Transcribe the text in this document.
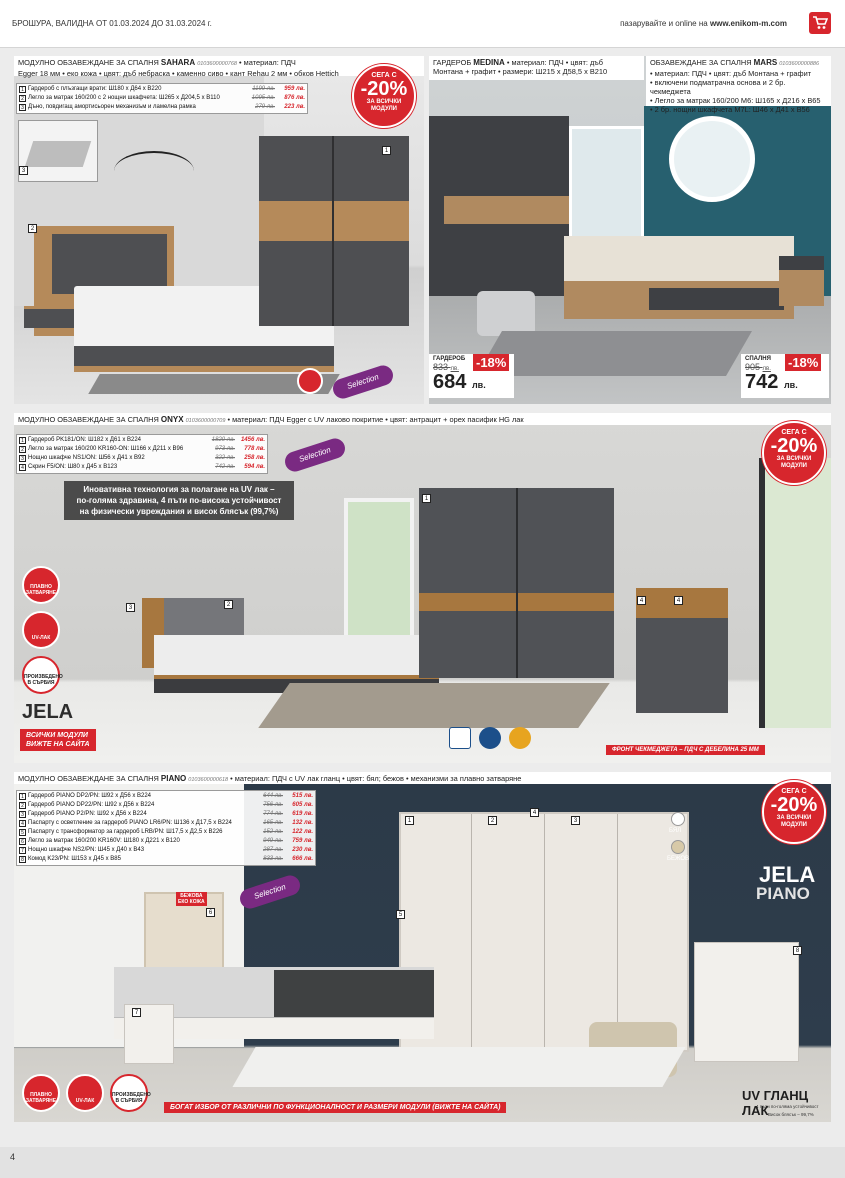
БРОШУРА, ВАЛИДНА ОТ 01.03.2024 ДО 31.03.2024 г.	пазарувайте и online на www.enikom-m.com
МОДУЛНО ОБЗАВЕЖДАНЕ ЗА СПАЛНЯ SAHARA 0103600000768 • материал: ПДЧ
Egger 18 мм • еко кожа • цвят: дъб небраска • каменно сиво • кант Rehau 2 мм • обков Hettich
1 Гардероб с плъзгащи врати: Ш180 х Д64 х В220	1199 лв.	959 лв.
2 Легло за матрак 160/200 с 2 нощни шкафчета: Ш265 х Д204,5 х В110	1095 лв.	876 лв.
3 Дъно, повдигащ амортисьорен механизъм и ламелна рамка	279 лв.	223 лв.
СЕГА С
-20%
ЗА ВСИЧКИ
МОДУЛИ
1
2
3
Selection
ГАРДЕРОБ MEDINA • материал: ПДЧ • цвят: дъб
Монтана + графит • размери: Ш215 х Д58,5 х В210
ОБЗАВЕЖДАНЕ ЗА СПАЛНЯ MARS 0103600000886
• материал: ПДЧ • цвят: дъб Монтана + графит
• включени подматрачна основа и 2 бр. чекмеджета
• Легло за матрак 160/200 M6: Ш165 х Д216 х В65
• 2 бр. нощни шкафчета M7L: Ш46 х Д41 х В56
ГАРДЕРОБ
833 лв.
684 лв.
-18%	СПАЛНЯ
905 лв.
742 лв.
-18%
МОДУЛНО ОБЗАВЕЖДАНЕ ЗА СПАЛНЯ ONYX 0103600000709 • материал: ПДЧ Egger с UV лаково покритие • цвят: антрацит + орех пасифик HG лак
1 Гардероб PK181/ON: Ш182 х Д61 х В224	1820 лв. 1456 лв.
2 Легло за матрак 160/200 KR160-ON: Ш166 х Д211 х В96	973 лв.	778 лв.
3 Нощно шкафче NS1/ON: Ш56 х Д41 х В92	322 лв.	258 лв.
4 Скрин F5/ON: Ш80 х Д45 х В123	742 лв.	594 лв.
Иновативна технология за полагане на UV лак –
по-голяма здравина, 4 пъти по-висока устойчивост
на физически увреждания и висок блясък (99,7%)
Selection
СЕГА С
-20%
ЗА ВСИЧКИ
МОДУЛИ
ПЛАВНО ЗАТВАРЯНЕ
UV-ЛАК
ПРОИЗВЕДЕНО В СЪРБИЯ
JELA
ВСИЧКИ МОДУЛИ
ВИЖТЕ НА САЙТА
ФРОНТ ЧЕКМЕДЖЕТА – ПДЧ С ДЕБЕЛИНА 25 ММ
1
2
3
4	4
МОДУЛНО ОБЗАВЕЖДАНЕ ЗА СПАЛНЯ PIANO 0103600000618 • материал: ПДЧ с UV лак гланц • цвят: бял; бежов • механизми за плавно затваряне
1 Гардероб PIANO DP2/PN: Ш92 х Д56 х В224	644 лв.	515 лв.
2 Гардероб PIANO DP22/PN: Ш92 х Д56 х В224	756 лв.	605 лв.
3 Гардероб PIANO P2/PN: Ш92 х Д56 х В224	774 лв.	619 лв.
4 Паспарту с осветление за гардероб PIANO LR6/PN: Ш136 х Д17,5 х В224	165 лв.	132 лв.
5 Паспарту с трансформатор за гардероб LRB/PN: Ш17,5 х Д2,5 х В226	152 лв.	122 лв.
6 Легло за матрак 160/200 KR160V: Ш180 х Д221 х В120	949 лв.	759 лв.
7 Нощно шкафче NS2/PN: Ш45 х Д40 х В43	287 лв.	230 лв.
8 Комод K23/PN: Ш153 х Д45 х В85	833 лв.	666 лв.
Selection
СЕГА С
-20%
ЗА ВСИЧКИ
МОДУЛИ
БЯЛ
БЕЖОВ
JELA
PIANO
БЕЖОВА
ЕКО КОЖА
ПЛАВНО ЗАТВАРЯНЕ	UV-ЛАК
ПРОИЗВЕДЕНО В СЪРБИЯ
БОГАТ ИЗБОР ОТ РАЗЛИЧНИ ПО ФУНКЦИОНАЛНОСТ И РАЗМЕРИ МОДУЛИ (ВИЖТЕ НА САЙТА)
UV ГЛАНЦ ЛАК
4 пъти по-голяма устойчивост
Висок блясък – 99,7%
1	2	3
4
5
6
7
8
4
